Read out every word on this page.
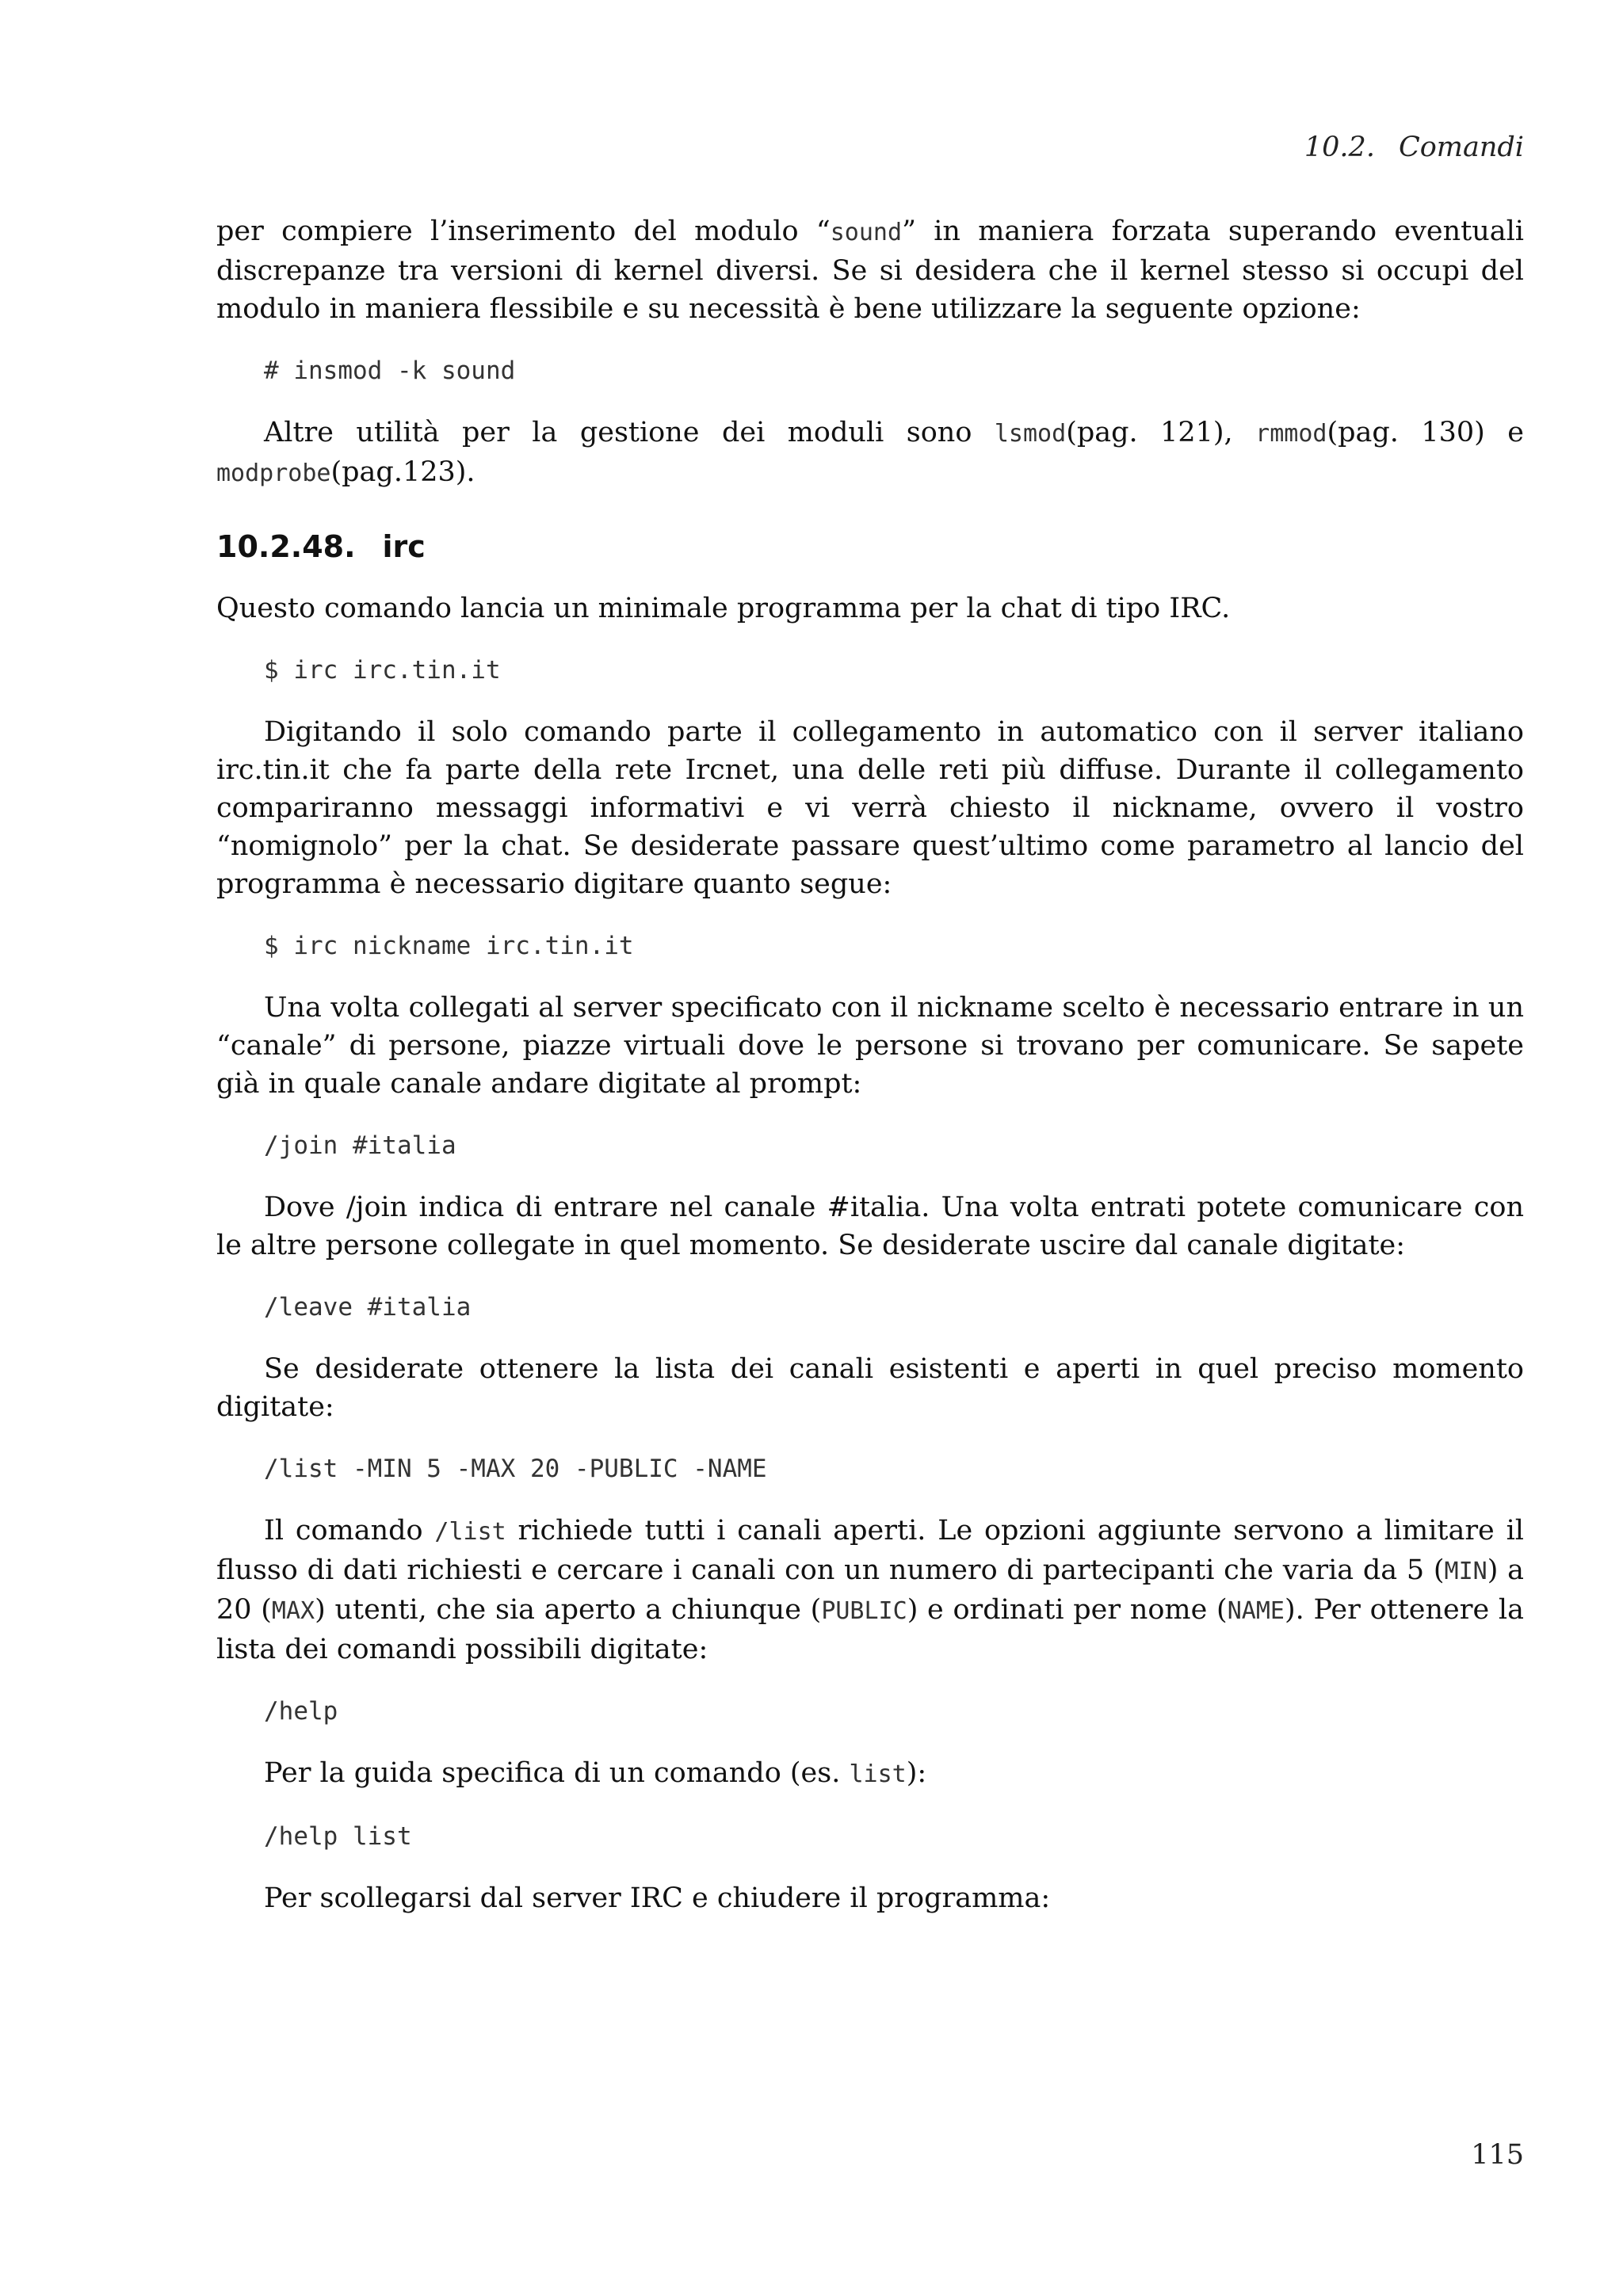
10.2. Comandi

per compiere l’inserimento del modulo “sound” in maniera forzata superando eventuali discrepanze tra versioni di kernel diversi. Se si desidera che il kernel stesso si occupi del modulo in maniera flessibile e su necessità è bene utilizzare la seguente opzione:

# insmod -k sound

Altre utilità per la gestione dei moduli sono lsmod(pag. 121), rmmod(pag. 130) e modprobe(pag.123).

10.2.48. irc

Questo comando lancia un minimale programma per la chat di tipo IRC.

$ irc irc.tin.it

Digitando il solo comando parte il collegamento in automatico con il server italiano irc.tin.it che fa parte della rete Ircnet, una delle reti più diffuse. Durante il collegamento compariranno messaggi informativi e vi verrà chiesto il nickname, ovvero il vostro “nomignolo” per la chat. Se desiderate passare quest’ultimo come parametro al lancio del programma è necessario digitare quanto segue:

$ irc nickname irc.tin.it

Una volta collegati al server specificato con il nickname scelto è necessario entrare in un “canale” di persone, piazze virtuali dove le persone si trovano per comunicare. Se sapete già in quale canale andare digitate al prompt:

/join #italia

Dove /join indica di entrare nel canale #italia. Una volta entrati potete comunicare con le altre persone collegate in quel momento. Se desiderate uscire dal canale digitate:

/leave #italia

Se desiderate ottenere la lista dei canali esistenti e aperti in quel preciso momento digitate:

/list -MIN 5 -MAX 20 -PUBLIC -NAME

Il comando /list richiede tutti i canali aperti. Le opzioni aggiunte servono a limitare il flusso di dati richiesti e cercare i canali con un numero di partecipanti che varia da 5 (MIN) a 20 (MAX) utenti, che sia aperto a chiunque (PUBLIC) e ordinati per nome (NAME). Per ottenere la lista dei comandi possibili digitate:

/help

Per la guida specifica di un comando (es. list):

/help list

Per scollegarsi dal server IRC e chiudere il programma:

115
